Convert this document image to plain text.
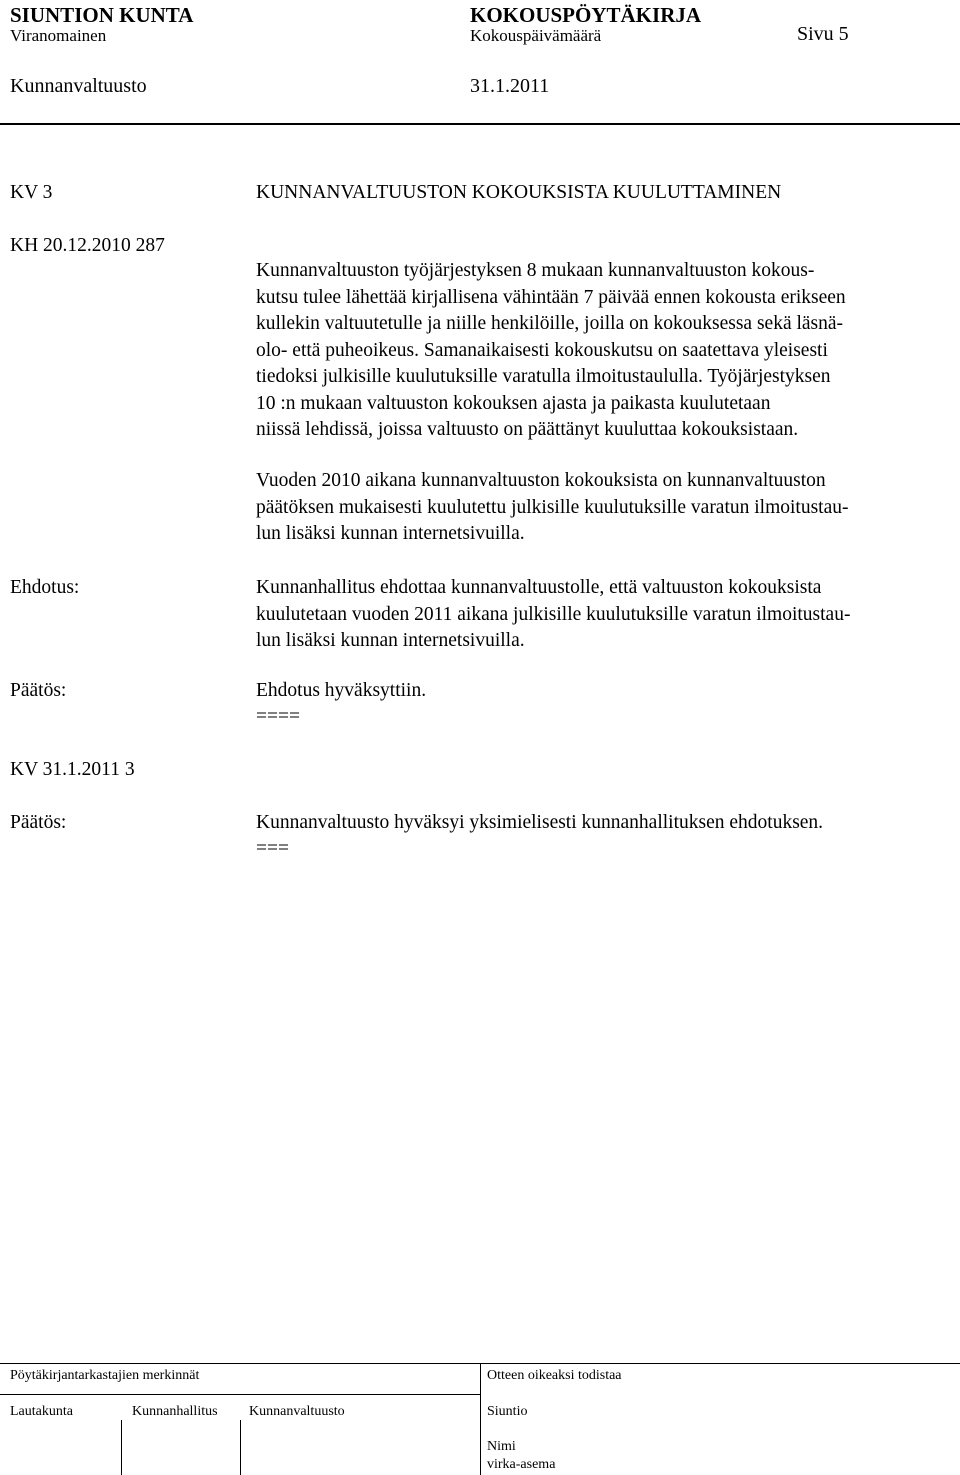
SIUNTION KUNTA	KOKOUSPÖYTÄKIRJA
Viranomainen	Kokouspäivämäärä	Sivu 5
Kunnanvaltuusto	31.1.2011
KV 3	KUNNANVALTUUSTON KOKOUKSISTA KUULUTTAMINEN
KH 20.12.2010 287
Kunnanvaltuuston työjärjestyksen 8 mukaan kunnanvaltuuston kokous-
kutsu tulee lähettää kirjallisena vähintään 7 päivää ennen kokousta erikseen
kullekin valtuutetulle ja niille henkilöille, joilla on kokouksessa sekä läsnä-
olo- että puheoikeus. Samanaikaisesti kokouskutsu on saatettava yleisesti
tiedoksi julkisille kuulutuksille varatulla ilmoitustaululla. Työjärjestyksen
10 :n mukaan valtuuston kokouksen ajasta ja paikasta kuulutetaan
niissä lehdissä, joissa valtuusto on päättänyt kuuluttaa kokouksistaan.
Vuoden 2010 aikana kunnanvaltuuston kokouksista on kunnanvaltuuston
päätöksen mukaisesti kuulutettu julkisille kuulutuksille varatun ilmoitustau-
lun lisäksi kunnan internetsivuilla.
Ehdotus:	Kunnanhallitus ehdottaa kunnanvaltuustolle, että valtuuston kokouksista
kuulutetaan vuoden 2011 aikana julkisille kuulutuksille varatun ilmoitustau-
lun lisäksi kunnan internetsivuilla.
Päätös:	Ehdotus hyväksyttiin.
====
KV 31.1.2011 3
Päätös:	Kunnanvaltuusto hyväksyi yksimielisesti kunnanhallituksen ehdotuksen.
===
Pöytäkirjantarkastajien merkinnät	Otteen oikeaksi todistaa
Lautakunta	Kunnanhallitus Kunnanvaltuusto	Siuntio
Nimi
virka-asema
